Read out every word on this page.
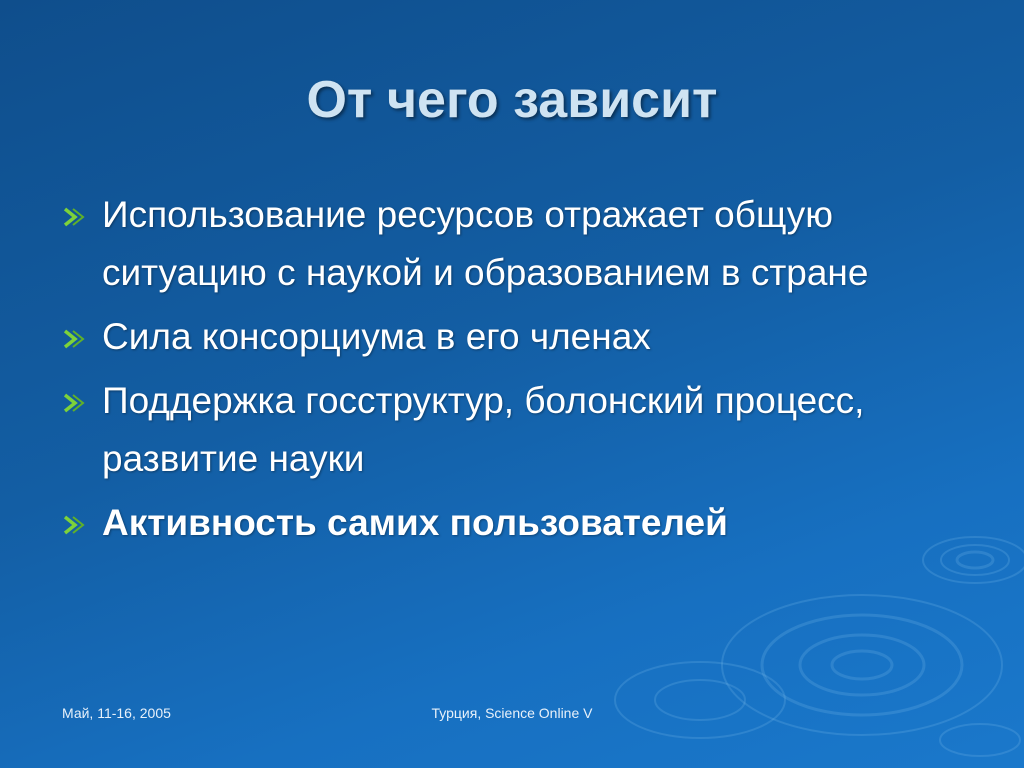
От чего зависит
Использование ресурсов отражает общую ситуацию с наукой и образованием в стране
Сила консорциума в его членах
Поддержка госструктур, болонский процесс, развитие науки
Активность самих пользователей
Май, 11-16, 2005	Турция, Science Online V
